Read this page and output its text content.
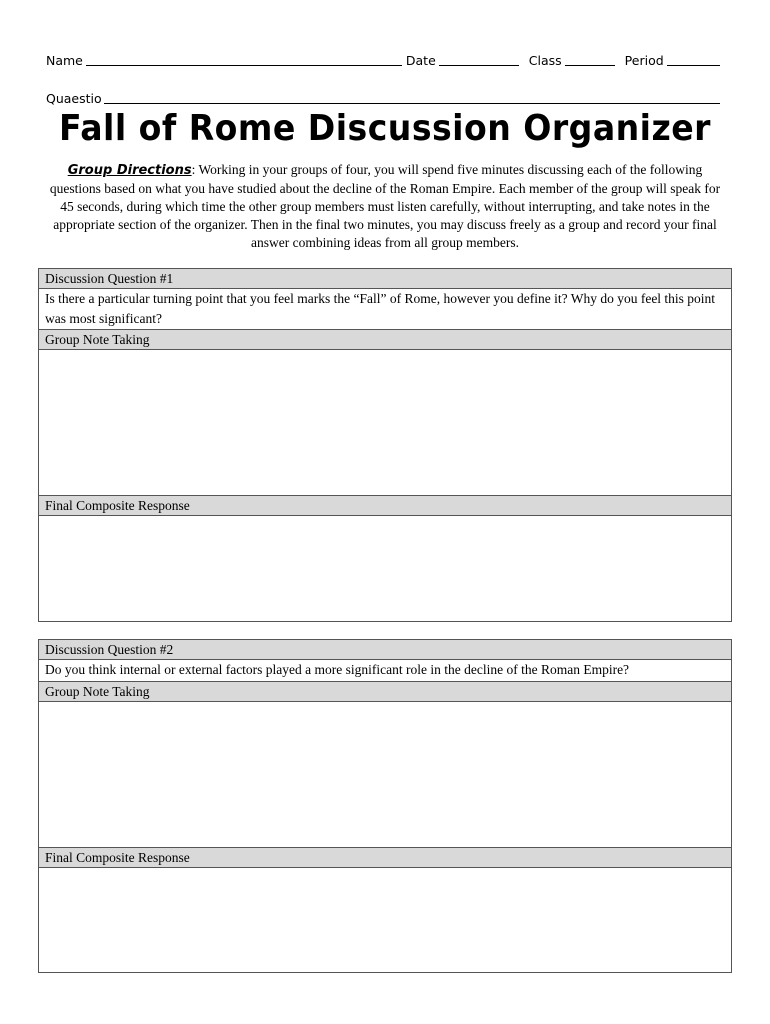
Name	Date	Class	Period
Quaestio
Fall of Rome Discussion Organizer
Group Directions: Working in your groups of four, you will spend five minutes discussing each of the following questions based on what you have studied about the decline of the Roman Empire. Each member of the group will speak for 45 seconds, during which time the other group members must listen carefully, without interrupting, and take notes in the appropriate section of the organizer. Then in the final two minutes, you may discuss freely as a group and record your final answer combining ideas from all group members.
Discussion Question #1
Is there a particular turning point that you feel marks the “Fall” of Rome, however you define it? Why do you feel this point was most significant?
Group Note Taking
Final Composite Response
Discussion Question #2
Do you think internal or external factors played a more significant role in the decline of the Roman Empire?
Group Note Taking
Final Composite Response
